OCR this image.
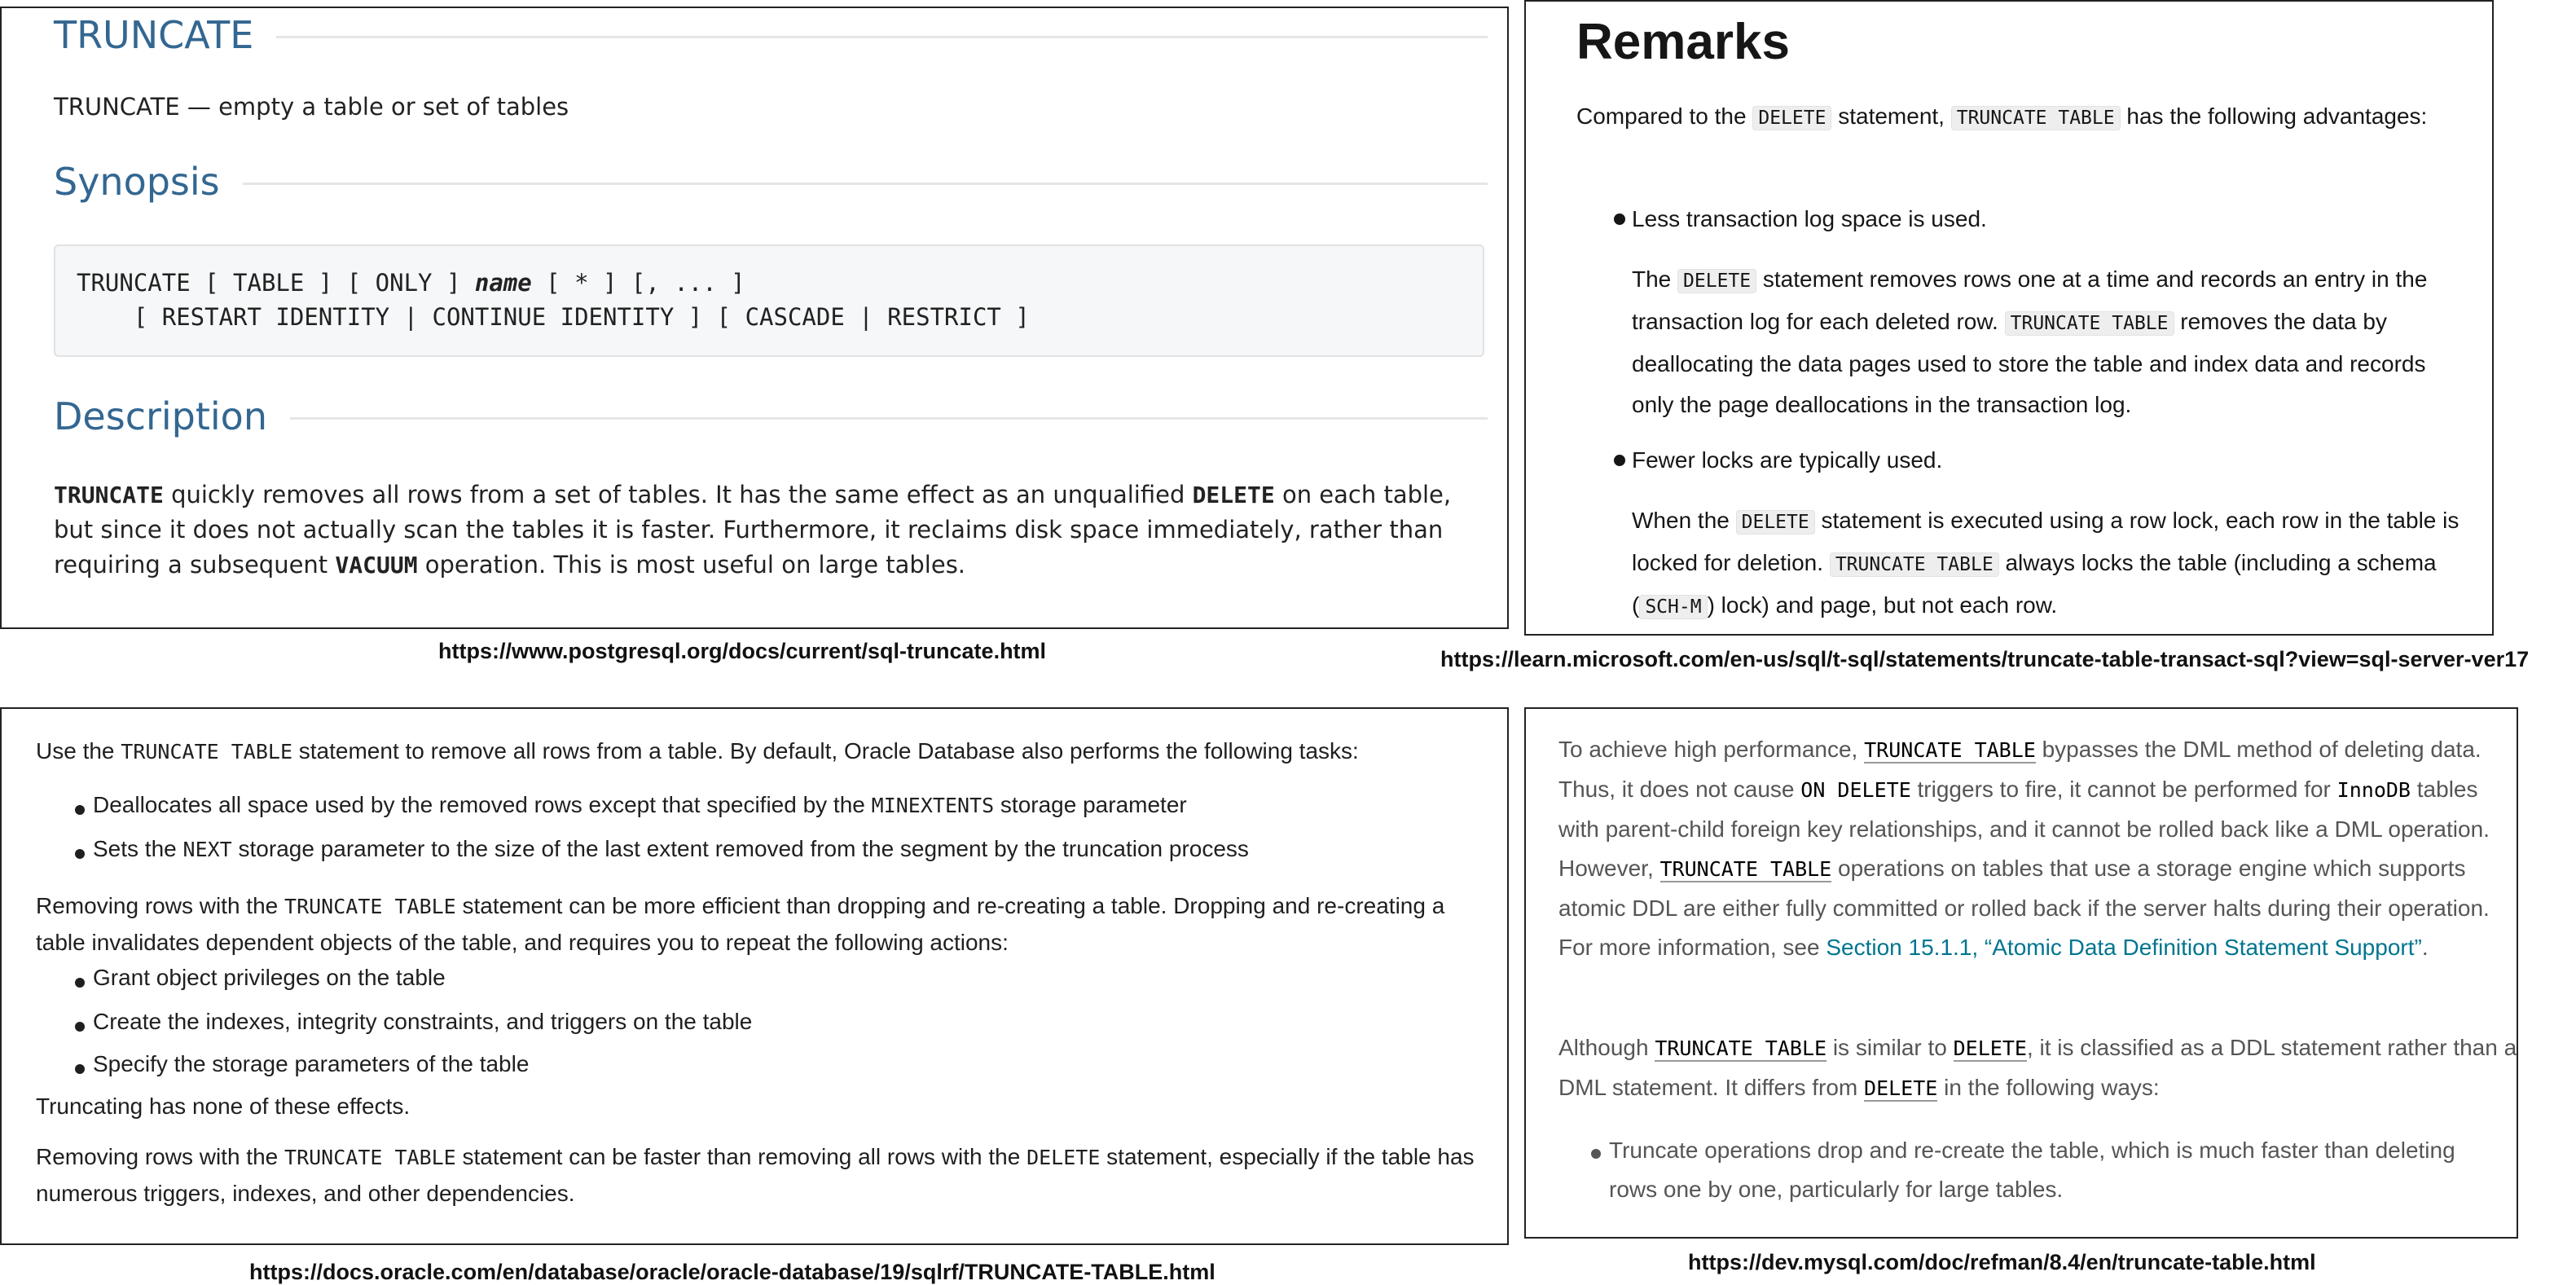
TRUNCATE
TRUNCATE — empty a table or set of tables
Synopsis
TRUNCATE [ TABLE ] [ ONLY ] name [ * ] [, ... ]
[ RESTART IDENTITY | CONTINUE IDENTITY ] [ CASCADE | RESTRICT ]
Description
TRUNCATE quickly removes all rows from a set of tables. It has the same effect as an unqualified DELETE on each table, but since it does not actually scan the tables it is faster. Furthermore, it reclaims disk space immediately, rather than requiring a subsequent VACUUM operation. This is most useful on large tables.
https://www.postgresql.org/docs/current/sql-truncate.html
Remarks
Compared to the DELETE statement, TRUNCATE TABLE has the following advantages:
Less transaction log space is used.
The DELETE statement removes rows one at a time and records an entry in the transaction log for each deleted row. TRUNCATE TABLE removes the data by deallocating the data pages used to store the table and index data and records only the page deallocations in the transaction log.
Fewer locks are typically used.
When the DELETE statement is executed using a row lock, each row in the table is locked for deletion. TRUNCATE TABLE always locks the table (including a schema ( SCH-M ) lock) and page, but not each row.
https://learn.microsoft.com/en-us/sql/t-sql/statements/truncate-table-transact-sql?view=sql-server-ver17
Use the TRUNCATE TABLE statement to remove all rows from a table. By default, Oracle Database also performs the following tasks:
Deallocates all space used by the removed rows except that specified by the MINEXTENTS storage parameter
Sets the NEXT storage parameter to the size of the last extent removed from the segment by the truncation process
Removing rows with the TRUNCATE TABLE statement can be more efficient than dropping and re-creating a table. Dropping and re-creating a table invalidates dependent objects of the table, and requires you to repeat the following actions:
Grant object privileges on the table
Create the indexes, integrity constraints, and triggers on the table
Specify the storage parameters of the table
Truncating has none of these effects.
Removing rows with the TRUNCATE TABLE statement can be faster than removing all rows with the DELETE statement, especially if the table has numerous triggers, indexes, and other dependencies.
https://docs.oracle.com/en/database/oracle/oracle-database/19/sqlrf/TRUNCATE-TABLE.html
To achieve high performance, TRUNCATE TABLE bypasses the DML method of deleting data. Thus, it does not cause ON DELETE triggers to fire, it cannot be performed for InnoDB tables with parent-child foreign key relationships, and it cannot be rolled back like a DML operation. However, TRUNCATE TABLE operations on tables that use a storage engine which supports atomic DDL are either fully committed or rolled back if the server halts during their operation. For more information, see Section 15.1.1, “Atomic Data Definition Statement Support”.
Although TRUNCATE TABLE is similar to DELETE, it is classified as a DDL statement rather than a DML statement. It differs from DELETE in the following ways:
Truncate operations drop and re-create the table, which is much faster than deleting rows one by one, particularly for large tables.
https://dev.mysql.com/doc/refman/8.4/en/truncate-table.html
